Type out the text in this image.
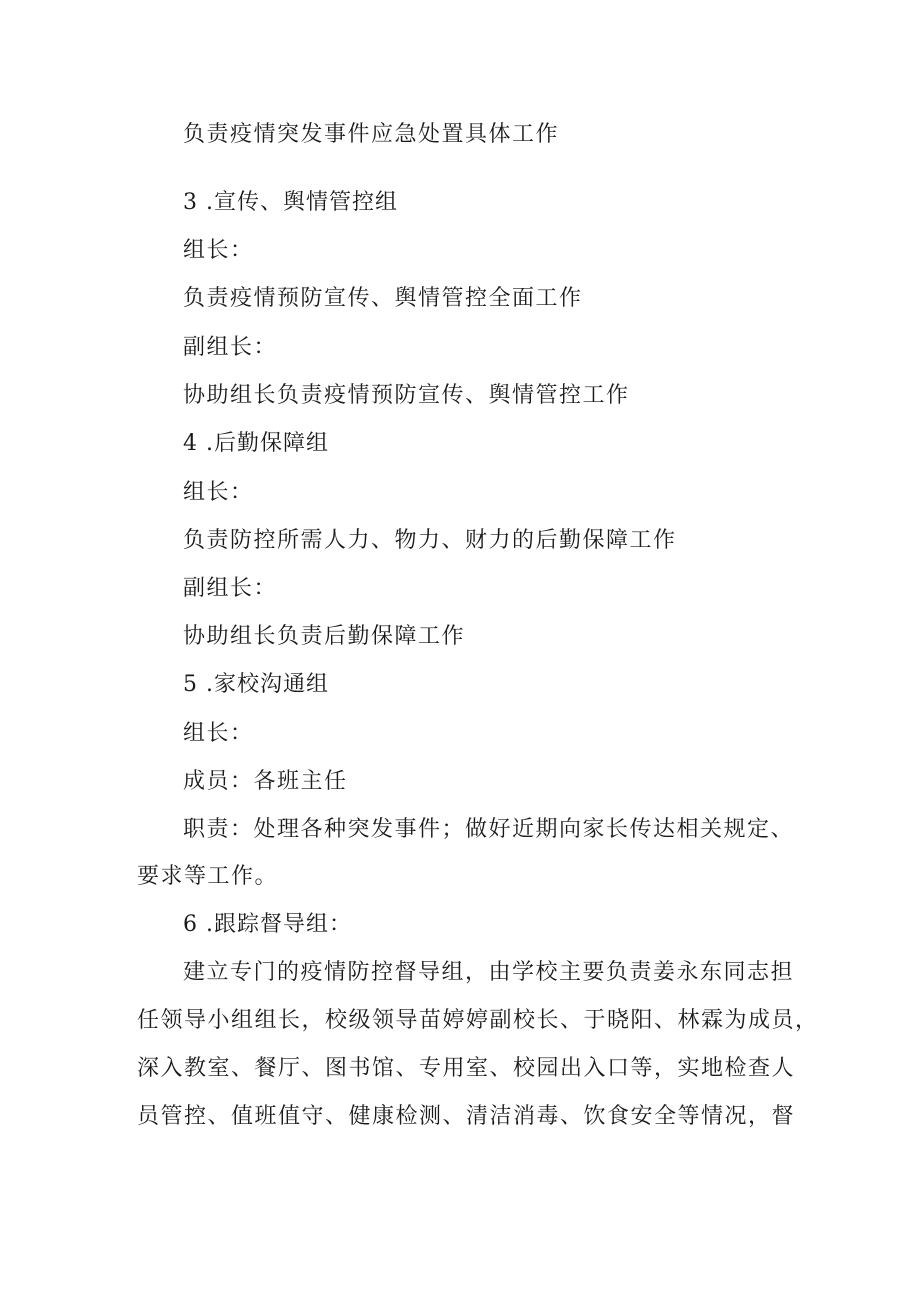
负责疫情突发事件应急处置具体工作
3 .宣传、舆情管控组
组长：
负责疫情预防宣传、舆情管控全面工作
副组长：
协助组长负责疫情预防宣传、舆情管控工作
4 .后勤保障组
组长：
负责防控所需人力、物力、财力的后勤保障工作
副组长：
协助组长负责后勤保障工作
5 .家校沟通组
组长：
成员：各班主任
职责：处理各种突发事件；做好近期向家长传达相关规定、
要求等工作。
6 .跟踪督导组：
建立专门的疫情防控督导组，由学校主要负责姜永东同志担
任领导小组组长，校级领导苗婷婷副校长、于晓阳、林霖为成员，
深入教室、餐厅、图书馆、专用室、校园出入口等，实地检查人
员管控、值班值守、健康检测、清洁消毒、饮食安全等情况，督
